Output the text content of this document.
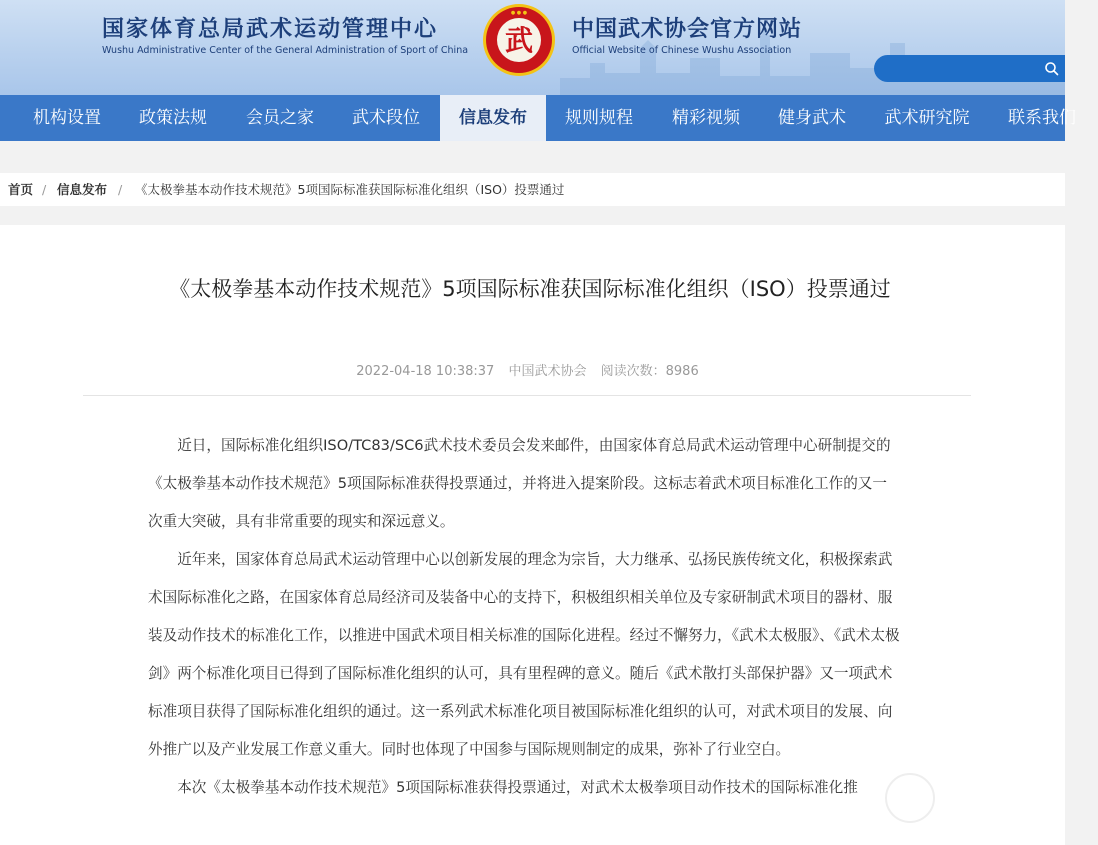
国家体育总局武术运动管理中心
Wushu Administrative Center of the General Administration of Sport of China 武
● ● ●
中国武术协会官方网站
Official Website of Chinese Wushu Association
机构设置	政策法规	会员之家	武术段位	信息发布	规则规程	精彩视频	健身武术	武术研究院	联系我们
首页 / 信息发布 / 《太极拳基本动作技术规范》5项国际标准获国际标准化组织（ISO）投票通过
《太极拳基本动作技术规范》5项国际标准获国际标准化组织（ISO）投票通过
2022-04-18 10:38:37 中国武术协会 阅读次数：8986

近日，国际标准化组织ISO/TC83/SC6武术技术委员会发来邮件，由国家体育总局武术运动管理中心研制提交的《太极拳基本动作技术规范》5项国际标准获得投票通过，并将进入提案阶段。这标志着武术项目标准化工作的又一次重大突破，具有非常重要的现实和深远意义。

近年来，国家体育总局武术运动管理中心以创新发展的理念为宗旨，大力继承、弘扬民族传统文化，积极探索武术国际标准化之路，在国家体育总局经济司及装备中心的支持下，积极组织相关单位及专家研制武术项目的器材、服装及动作技术的标准化工作，以推进中国武术项目相关标准的国际化进程。经过不懈努力，《武术太极服》、《武术太极剑》两个标准化项目已得到了国际标准化组织的认可，具有里程碑的意义。随后《武术散打头部保护器》又一项武术标准项目获得了国际标准化组织的通过。这一系列武术标准化项目被国际标准化组织的认可，对武术项目的发展、向外推广以及产业发展工作意义重大。同时也体现了中国参与国际规则制定的成果，弥补了行业空白。

本次《太极拳基本动作技术规范》5项国际标准获得投票通过，对武术太极拳项目动作技术的国际标准化推
